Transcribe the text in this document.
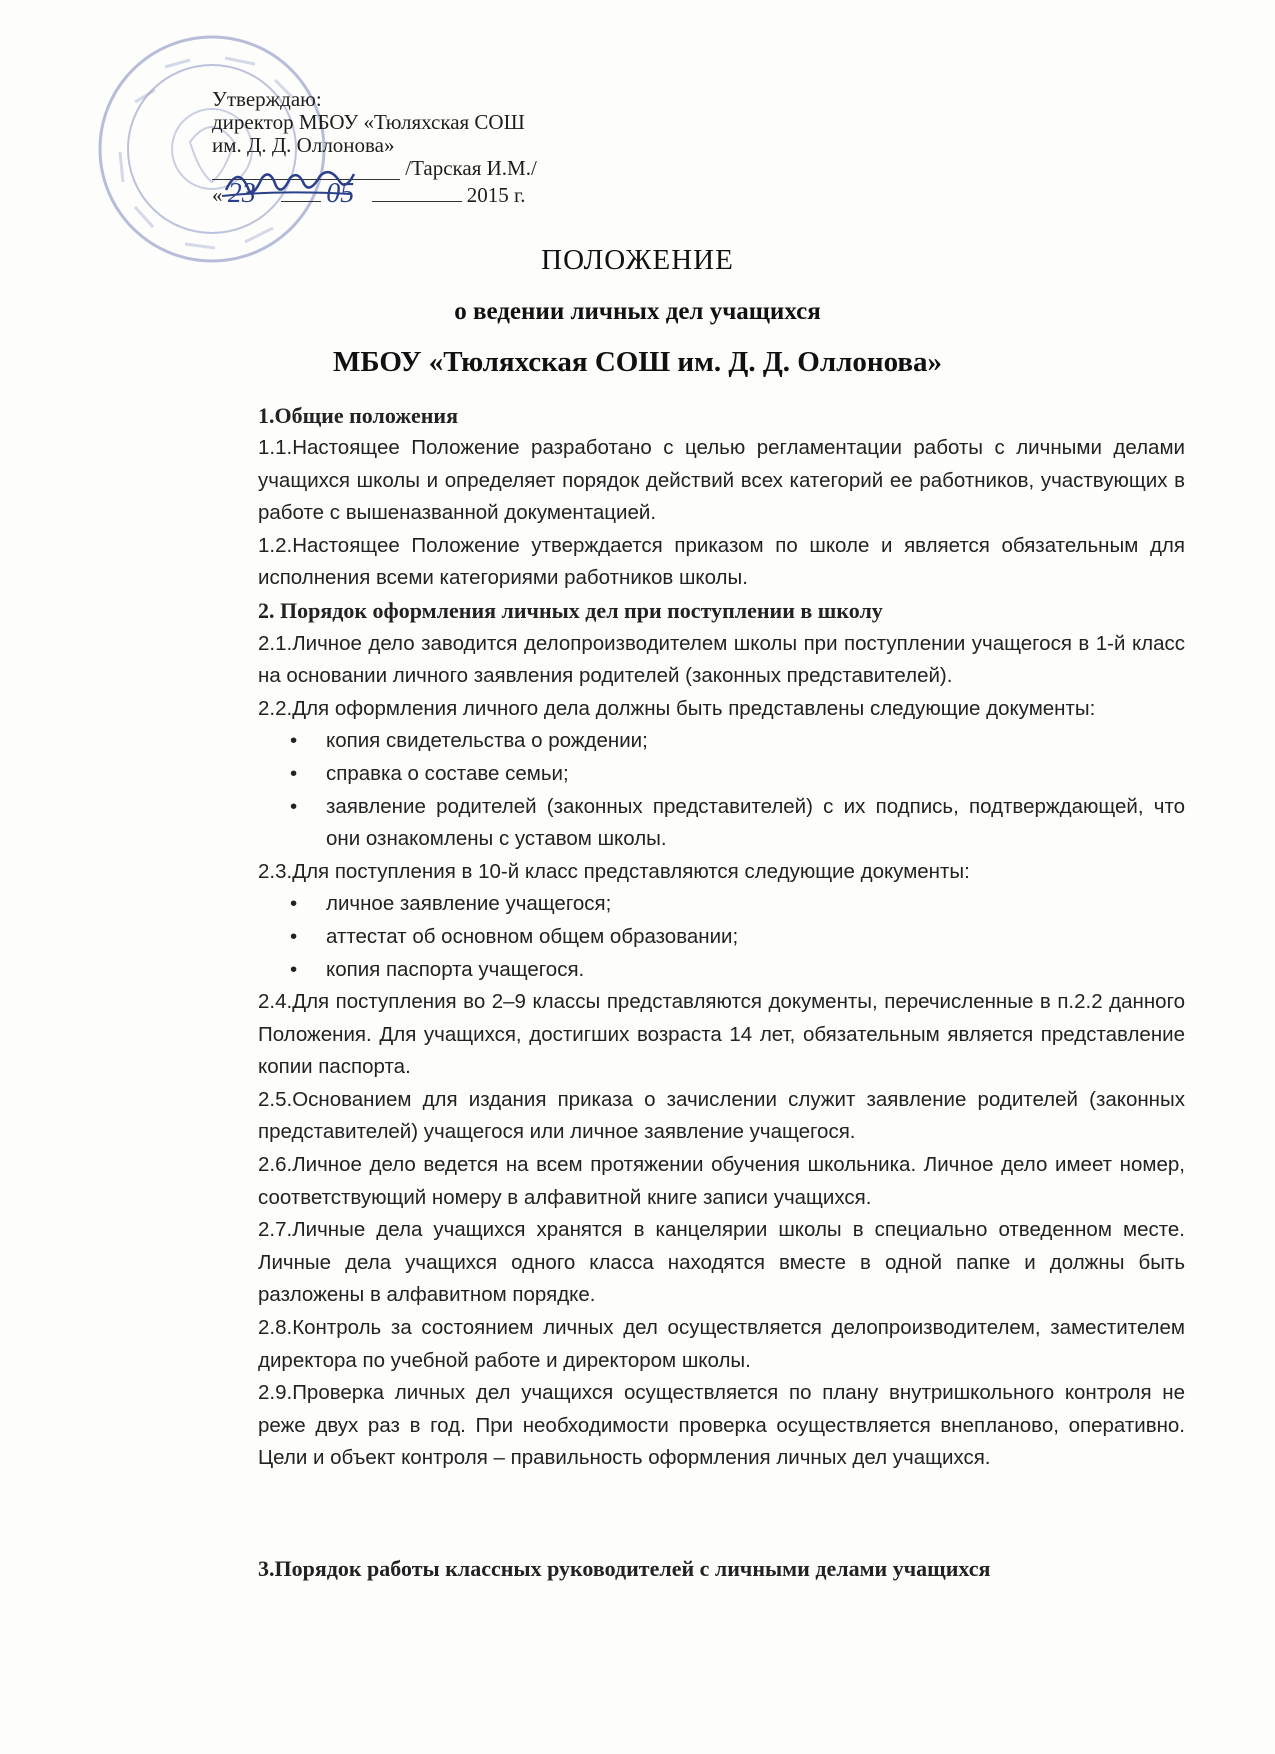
Утверждаю:
директор МБОУ «Тюляхская СОШ
им. Д. Д. Оллонова»
/Тарская И.М./
« 23	05	2015 г.
ПОЛОЖЕНИЕ
о ведении личных дел учащихся
МБОУ «Тюляхская СОШ им. Д. Д. Оллонова»

1.Общие положения

1.1.Настоящее Положение разработано с целью регламентации работы с личными делами учащихся школы и определяет порядок действий всех категорий ее работников, участвующих в работе с вышеназванной документацией.

1.2.Настоящее Положение утверждается приказом по школе и является обязательным для исполнения всеми категориями работников школы.

2. Порядок оформления личных дел при поступлении в школу

2.1.Личное дело заводится делопроизводителем школы при поступлении учащегося в 1-й класс на основании личного заявления родителей (законных представителей).

2.2.Для оформления личного дела должны быть представлены следующие документы:

• копия свидетельства о рождении;
• справка о составе семьи;
• заявление родителей (законных представителей) с их подпись, подтверждающей, что они ознакомлены с уставом школы.

2.3.Для поступления в 10-й класс представляются следующие документы:

• личное заявление учащегося;
• аттестат об основном общем образовании;
• копия паспорта учащегося.

2.4.Для поступления во 2–9 классы представляются документы, перечисленные в п.2.2 данного Положения. Для учащихся, достигших возраста 14 лет, обязательным является представление копии паспорта.

2.5.Основанием для издания приказа о зачислении служит заявление родителей (законных представителей) учащегося или личное заявление учащегося.

2.6.Личное дело ведется на всем протяжении обучения школьника. Личное дело имеет номер, соответствующий номеру в алфавитной книге записи учащихся.

2.7.Личные дела учащихся хранятся в канцелярии школы в специально отведенном месте. Личные дела учащихся одного класса находятся вместе в одной папке и должны быть разложены в алфавитном порядке.

2.8.Контроль за состоянием личных дел осуществляется делопроизводителем, заместителем директора по учебной работе и директором школы.

2.9.Проверка личных дел учащихся осуществляется по плану внутришкольного контроля не реже двух раз в год. При необходимости проверка осуществляется внепланово, оперативно. Цели и объект контроля – правильность оформления личных дел учащихся.

3.Порядок работы классных руководителей с личными делами учащихся
